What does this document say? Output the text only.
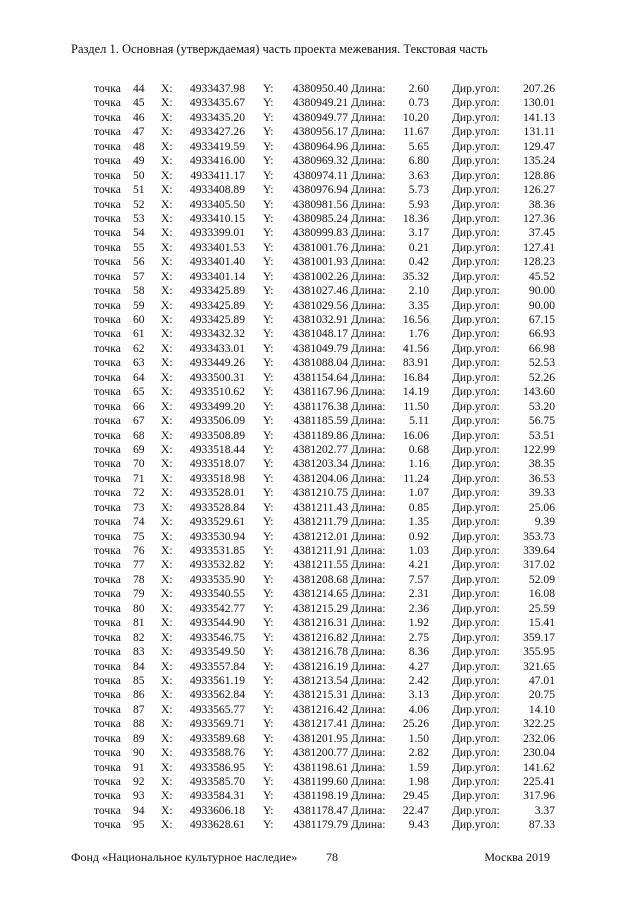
Раздел 1. Основная (утверждаемая) часть проекта межевания. Текстовая часть
точка 44 X: 4933437.98 Y: 4380950.40 Длина: 2.60 Дир.угол: 207.26
точка 45 X: 4933435.67 Y: 4380949.21 Длина: 0.73 Дир.угол: 130.01
точка 46 X: 4933435.20 Y: 4380949.77 Длина: 10.20 Дир.угол: 141.13
точка 47 X: 4933427.26 Y: 4380956.17 Длина: 11.67 Дир.угол: 131.11
точка 48 X: 4933419.59 Y: 4380964.96 Длина: 5.65 Дир.угол: 129.47
точка 49 X: 4933416.00 Y: 4380969.32 Длина: 6.80 Дир.угол: 135.24
точка 50 X: 4933411.17 Y: 4380974.11 Длина: 3.63 Дир.угол: 128.86
точка 51 X: 4933408.89 Y: 4380976.94 Длина: 5.73 Дир.угол: 126.27
точка 52 X: 4933405.50 Y: 4380981.56 Длина: 5.93 Дир.угол:	38.36
точка 53 X: 4933410.15 Y: 4380985.24 Длина: 18.36 Дир.угол: 127.36
точка 54 X: 4933399.01 Y: 4380999.83 Длина: 3.17 Дир.угол:	37.45
точка 55 X: 4933401.53 Y: 4381001.76 Длина: 0.21 Дир.угол: 127.41
точка 56 X: 4933401.40 Y: 4381001.93 Длина: 0.42 Дир.угол: 128.23
точка 57 X: 4933401.14 Y: 4381002.26 Длина: 35.32 Дир.угол:	45.52
точка 58 X: 4933425.89 Y: 4381027.46 Длина: 2.10 Дир.угол:	90.00
точка 59 X: 4933425.89 Y: 4381029.56 Длина: 3.35 Дир.угол:	90.00
точка 60 X: 4933425.89 Y: 4381032.91 Длина: 16.56 Дир.угол:	67.15
точка 61 X: 4933432.32 Y: 4381048.17 Длина: 1.76 Дир.угол:	66.93
точка 62 X: 4933433.01 Y: 4381049.79 Длина: 41.56 Дир.угол:	66.98
точка 63 X: 4933449.26 Y: 4381088.04 Длина: 83.91 Дир.угол:	52.53
точка 64 X: 4933500.31 Y: 4381154.64 Длина: 16.84 Дир.угол:	52.26
точка 65 X: 4933510.62 Y: 4381167.96 Длина: 14.19 Дир.угол: 143.60
точка 66 X: 4933499.20 Y: 4381176.38 Длина: 11.50 Дир.угол:	53.20
точка 67 X: 4933506.09 Y: 4381185.59 Длина: 5.11 Дир.угол:	56.75
точка 68 X: 4933508.89 Y: 4381189.86 Длина: 16.06 Дир.угол:	53.51
точка 69 X: 4933518.44 Y: 4381202.77 Длина: 0.68 Дир.угол: 122.99
точка 70 X: 4933518.07 Y: 4381203.34 Длина: 1.16 Дир.угол:	38.35
точка 71 X: 4933518.98 Y: 4381204.06 Длина: 11.24 Дир.угол:	36.53
точка 72 X: 4933528.01 Y: 4381210.75 Длина: 1.07 Дир.угол:	39.33
точка 73 X: 4933528.84 Y: 4381211.43 Длина: 0.85 Дир.угол:	25.06
точка 74 X: 4933529.61 Y: 4381211.79 Длина: 1.35 Дир.угол:	9.39
точка 75 X: 4933530.94 Y: 4381212.01 Длина: 0.92 Дир.угол: 353.73
точка 76 X: 4933531.85 Y: 4381211.91 Длина: 1.03 Дир.угол: 339.64
точка 77 X: 4933532.82 Y: 4381211.55 Длина: 4.21 Дир.угол: 317.02
точка 78 X: 4933535.90 Y: 4381208.68 Длина: 7.57 Дир.угол:	52.09
точка 79 X: 4933540.55 Y: 4381214.65 Длина: 2.31 Дир.угол:	16.08
точка 80 X: 4933542.77 Y: 4381215.29 Длина: 2.36 Дир.угол:	25.59
точка 81 X: 4933544.90 Y: 4381216.31 Длина: 1.92 Дир.угол:	15.41
точка 82 X: 4933546.75 Y: 4381216.82 Длина: 2.75 Дир.угол: 359.17
точка 83 X: 4933549.50 Y: 4381216.78 Длина: 8.36 Дир.угол: 355.95
точка 84 X: 4933557.84 Y: 4381216.19 Длина: 4.27 Дир.угол: 321.65
точка 85 X: 4933561.19 Y: 4381213.54 Длина: 2.42 Дир.угол:	47.01
точка 86 X: 4933562.84 Y: 4381215.31 Длина: 3.13 Дир.угол:	20.75
точка 87 X: 4933565.77 Y: 4381216.42 Длина: 4.06 Дир.угол:	14.10
точка 88 X: 4933569.71 Y: 4381217.41 Длина: 25.26 Дир.угол: 322.25
точка 89 X: 4933589.68 Y: 4381201.95 Длина: 1.50 Дир.угол: 232.06
точка 90 X: 4933588.76 Y: 4381200.77 Длина: 2.82 Дир.угол: 230.04
точка 91 X: 4933586.95 Y: 4381198.61 Длина: 1.59 Дир.угол: 141.62
точка 92 X: 4933585.70 Y: 4381199.60 Длина: 1.98 Дир.угол: 225.41
точка 93 X: 4933584.31 Y: 4381198.19 Длина: 29.45 Дир.угол: 317.96
точка 94 X: 4933606.18 Y: 4381178.47 Длина: 22.47 Дир.угол:	3.37
точка 95 X: 4933628.61 Y: 4381179.79 Длина: 9.43 Дир.угол:	87.33
Фонд «Национальное культурное наследие» 78	Москва 2019
